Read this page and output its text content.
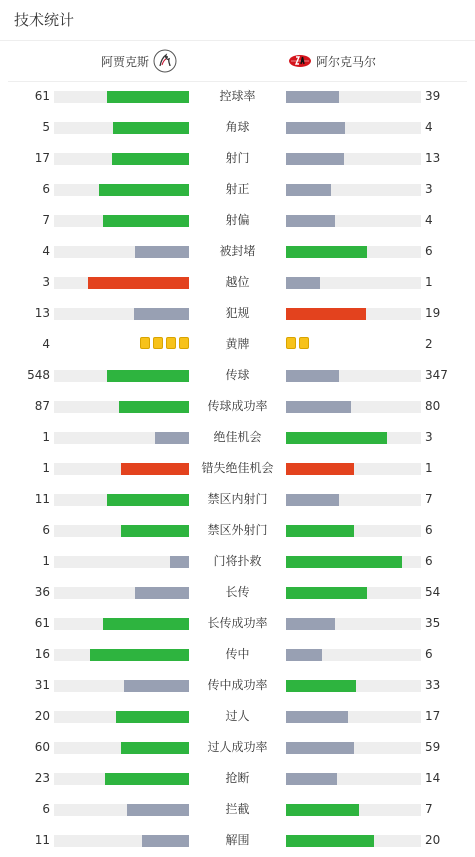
技术统计
阿贾克斯	阿尔克马尔
61	控球率	39
5	角球	4
17	射门	13
6	射正	3
7	射偏	4
4	被封堵	6
3	越位	1
13	犯规	19
4	黄牌	2
548	传球	347
87	传球成功率	80
1	绝佳机会	3
1	错失绝佳机会	1
11	禁区内射门	7
6	禁区外射门	6
1	门将扑救	6
36	长传	54
61	长传成功率	35
16	传中	6
31	传中成功率	33
20	过人	17
60	过人成功率	59
23	抢断	14
6	拦截	7
11	解围	20
